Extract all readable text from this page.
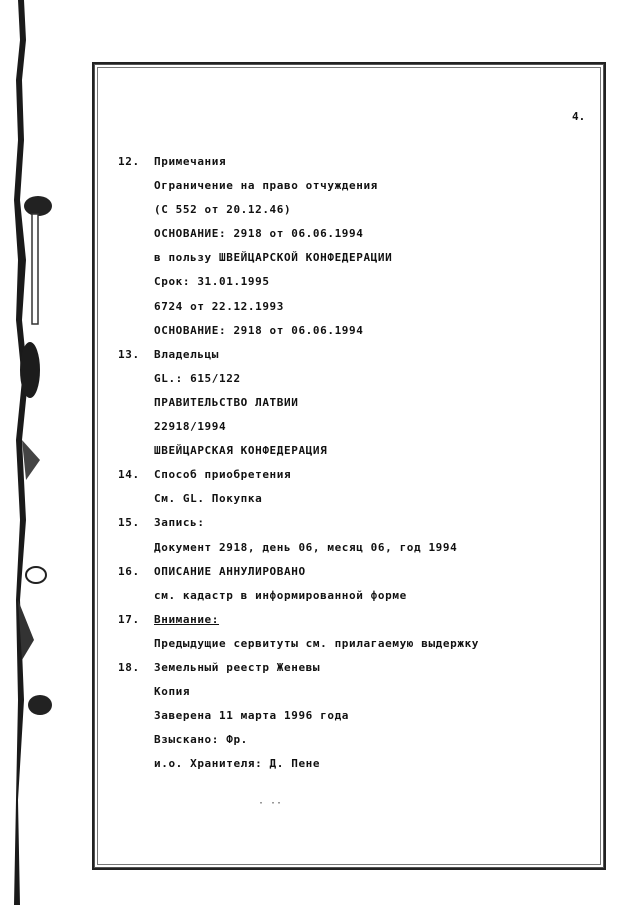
4.
12.	Примечания
Ограничение на право отчуждения
(С 552 от 20.12.46)
ОСНОВАНИЕ: 2918 от 06.06.1994
в пользу ШВЕЙЦАРСКОЙ КОНФЕДЕРАЦИИ
Срок: 31.01.1995
6724 от 22.12.1993
ОСНОВАНИЕ: 2918 от 06.06.1994
13.	Владельцы
GL.: 615/122
ПРАВИТЕЛЬСТВО ЛАТВИИ
22918/1994
ШВЕЙЦАРСКАЯ КОНФЕДЕРАЦИЯ
14.	Способ приобретения
См. GL. Покупка
15.	Запись:
Документ 2918, день 06, месяц 06, год 1994
16.	ОПИСАНИЕ АННУЛИРОВАНО
см. кадастр в информированной форме
17.	Внимание:
Предыдущие сервитуты см. прилагаемую выдержку
18.	Земельный реестр Женевы
Копия
Заверена 11 марта 1996 года
Взыскано: Фр.
и.о. Хранителя: Д. Пене
· ··
